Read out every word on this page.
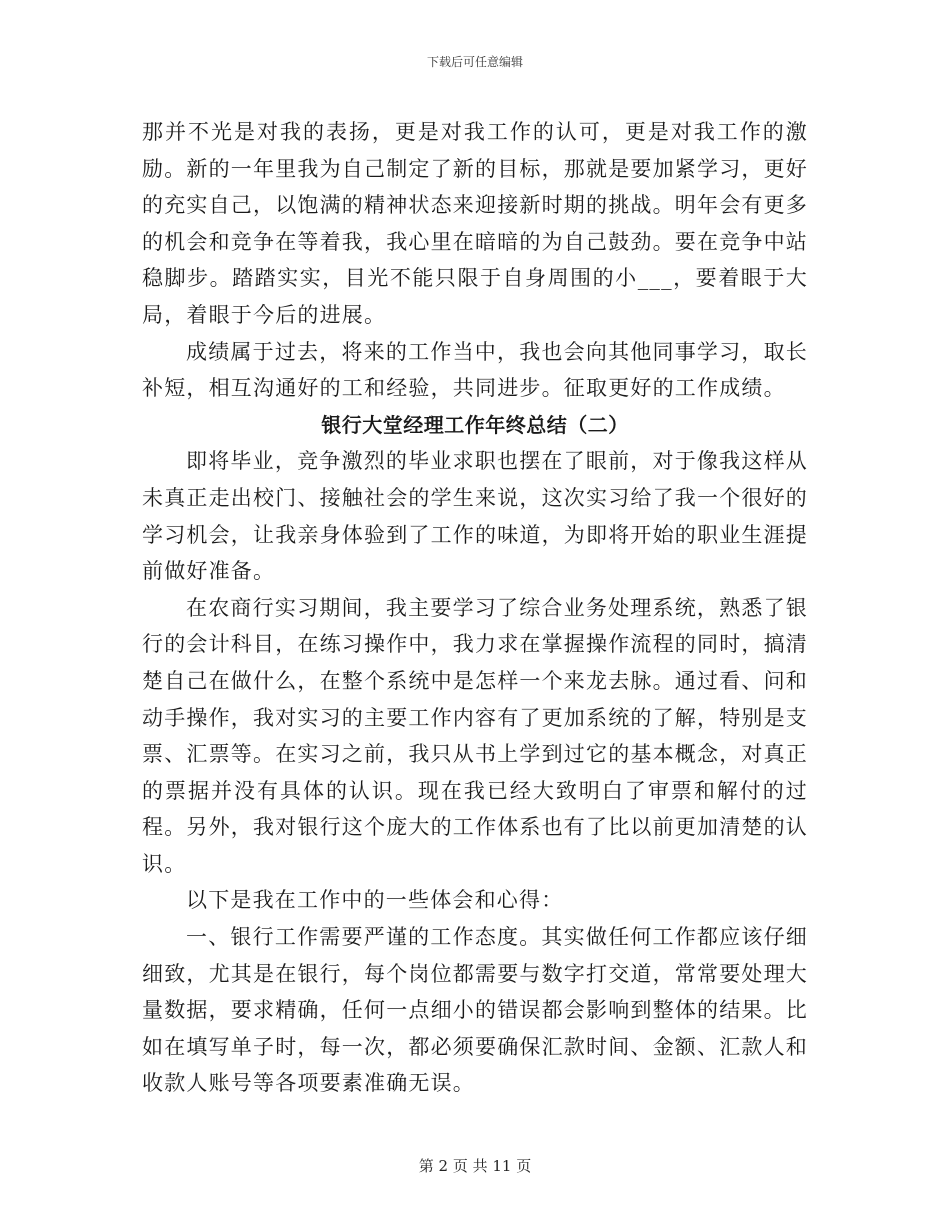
下载后可任意编辑

那并不光是对我的表扬，更是对我工作的认可，更是对我工作的激励。新的一年里我为自己制定了新的目标，那就是要加紧学习，更好的充实自己，以饱满的精神状态来迎接新时期的挑战。明年会有更多的机会和竞争在等着我，我心里在暗暗的为自己鼓劲。要在竞争中站稳脚步。踏踏实实，目光不能只限于自身周围的小___，要着眼于大局，着眼于今后的进展。

成绩属于过去，将来的工作当中，我也会向其他同事学习，取长补短，相互沟通好的工和经验，共同进步。征取更好的工作成绩。

银行大堂经理工作年终总结（二）

即将毕业，竞争激烈的毕业求职也摆在了眼前，对于像我这样从未真正走出校门、接触社会的学生来说，这次实习给了我一个很好的学习机会，让我亲身体验到了工作的味道，为即将开始的职业生涯提前做好准备。

在农商行实习期间，我主要学习了综合业务处理系统，熟悉了银行的会计科目，在练习操作中，我力求在掌握操作流程的同时，搞清楚自己在做什么，在整个系统中是怎样一个来龙去脉。通过看、问和动手操作，我对实习的主要工作内容有了更加系统的了解，特别是支票、汇票等。在实习之前，我只从书上学到过它的基本概念，对真正的票据并没有具体的认识。现在我已经大致明白了审票和解付的过程。另外，我对银行这个庞大的工作体系也有了比以前更加清楚的认识。

以下是我在工作中的一些体会和心得：

一、银行工作需要严谨的工作态度。其实做任何工作都应该仔细细致，尤其是在银行，每个岗位都需要与数字打交道，常常要处理大量数据，要求精确，任何一点细小的错误都会影响到整体的结果。比如在填写单子时，每一次，都必须要确保汇款时间、金额、汇款人和收款人账号等各项要素准确无误。

第 2 页 共 11 页
